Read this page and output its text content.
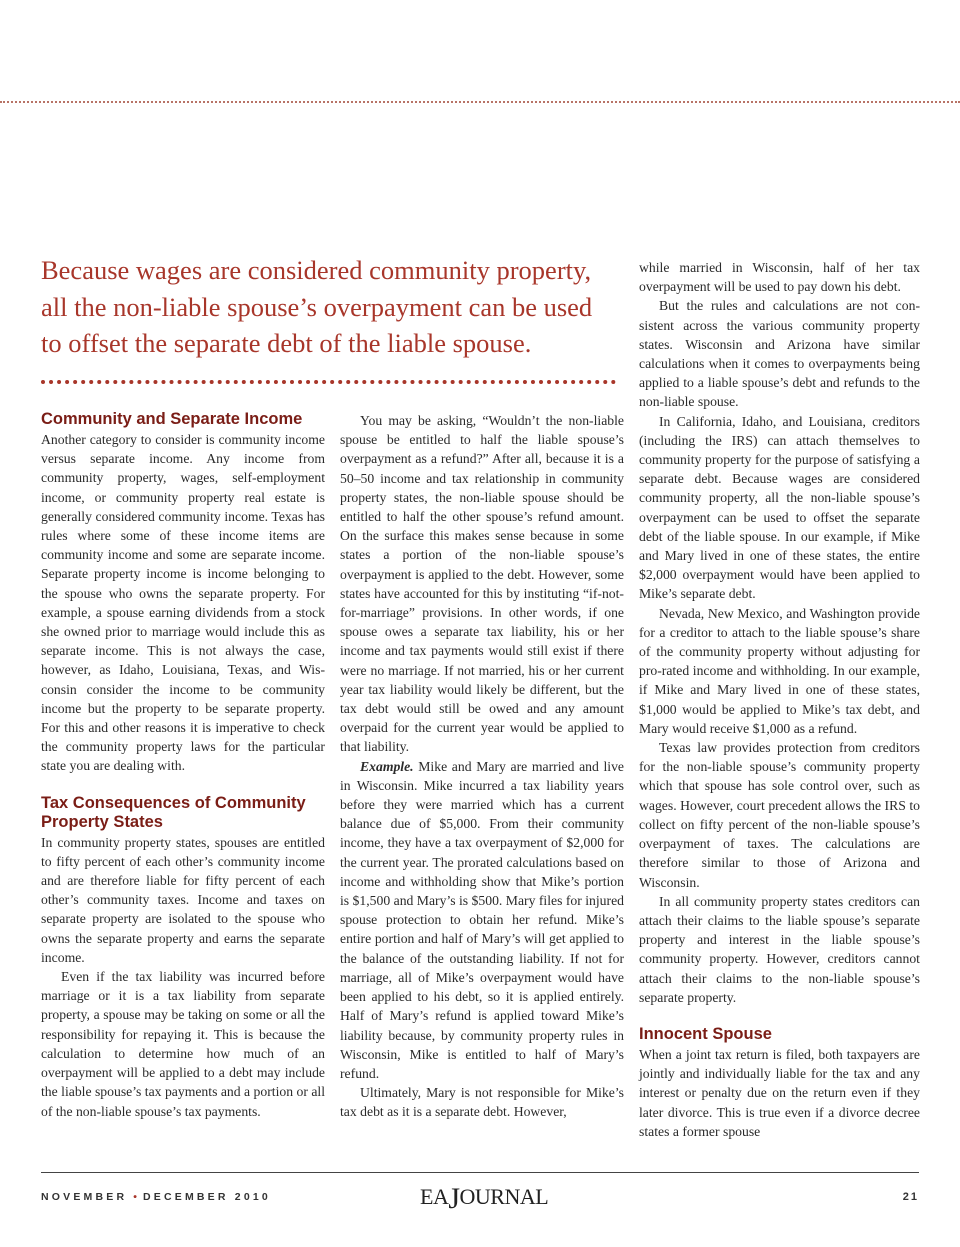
Because wages are considered community property, all the non-liable spouse’s overpayment can be used to offset the separate debt of the liable spouse.
Community and Separate Income

Another category to consider is community income versus separate income. Any income from community property, wages, self-employment income, or community property real estate is generally considered community income. Texas has rules where some of these income items are community income and some are separate income. Separate property income is income belonging to the spouse who owns the separate property. For example, a spouse earning dividends from a stock she owned prior to marriage would include this as separate income. This is not always the case, however, as Idaho, Louisiana, Texas, and Wisconsin consider the income to be community income but the property to be separate property. For this and other reasons it is imperative to check the community property laws for the particular state you are dealing with.

Tax Consequences of Community Property States

In community property states, spouses are entitled to fifty percent of each other’s community income and are therefore liable for fifty percent of each other’s community taxes. Income and taxes on separate property are isolated to the spouse who owns the separate property and earns the separate income.

Even if the tax liability was incurred before marriage or it is a tax liability from separate property, a spouse may be taking on some or all the responsibility for repaying it. This is because the calculation to determine how much of an overpayment will be applied to a debt may include the liable spouse’s tax payments and a portion or all of the non-liable spouse’s tax payments.

You may be asking, “Wouldn’t the non-liable spouse be entitled to half the liable spouse’s overpayment as a refund?” After all, because it is a 50–50 income and tax relationship in community property states, the non-liable spouse should be entitled to half the other spouse’s refund amount. On the surface this makes sense because in some states a portion of the non-liable spouse’s overpayment is applied to the debt. However, some states have accounted for this by instituting “if-not-for-marriage” provisions. In other words, if one spouse owes a separate tax liability, his or her income and tax payments would still exist if there were no marriage. If not married, his or her current year tax liability would likely be different, but the tax debt would still be owed and any amount overpaid for the current year would be applied to that liability.

Example. Mike and Mary are married and live in Wisconsin. Mike incurred a tax liability years before they were married which has a current balance due of $5,000. From their community income, they have a tax overpayment of $2,000 for the current year. The prorated calculations based on income and withholding show that Mike’s portion is $1,500 and Mary’s is $500. Mary files for injured spouse protection to obtain her refund. Mike’s entire portion and half of Mary’s will get applied to the balance of the outstanding liability. If not for marriage, all of Mike’s overpayment would have been applied to his debt, so it is applied entirely. Half of Mary’s refund is applied toward Mike’s liability because, by community property rules in Wisconsin, Mike is entitled to half of Mary’s refund.

Ultimately, Mary is not responsible for Mike’s tax debt as it is a separate debt. However,

while married in Wisconsin, half of her tax overpayment will be used to pay down his debt.

But the rules and calculations are not consistent across the various community property states. Wisconsin and Arizona have similar calculations when it comes to overpayments being applied to a liable spouse’s debt and refunds to the non-liable spouse.

In California, Idaho, and Louisiana, creditors (including the IRS) can attach themselves to community property for the purpose of satisfying a separate debt. Because wages are considered community property, all the non-liable spouse’s overpayment can be used to offset the separate debt of the liable spouse. In our example, if Mike and Mary lived in one of these states, the entire $2,000 overpayment would have been applied to Mike’s separate debt.

Nevada, New Mexico, and Washington provide for a creditor to attach to the liable spouse’s share of the community property without adjusting for pro-rated income and withholding. In our example, if Mike and Mary lived in one of these states, $1,000 would be applied to Mike’s tax debt, and Mary would receive $1,000 as a refund.

Texas law provides protection from creditors for the non-liable spouse’s community property which that spouse has sole control over, such as wages. However, court precedent allows the IRS to collect on fifty percent of the non-liable spouse’s overpayment of taxes. The calculations are therefore similar to those of Arizona and Wisconsin.

In all community property states creditors can attach their claims to the liable spouse’s separate property and interest in the liable spouse’s community property. However, creditors cannot attach their claims to the non-liable spouse’s separate property.

Innocent Spouse

When a joint tax return is filed, both taxpayers are jointly and individually liable for the tax and any interest or penalty due on the return even if they later divorce. This is true even if a divorce decree states a former spouse

NOVEMBER • DECEMBER 2010	EAJOURNAL	21
